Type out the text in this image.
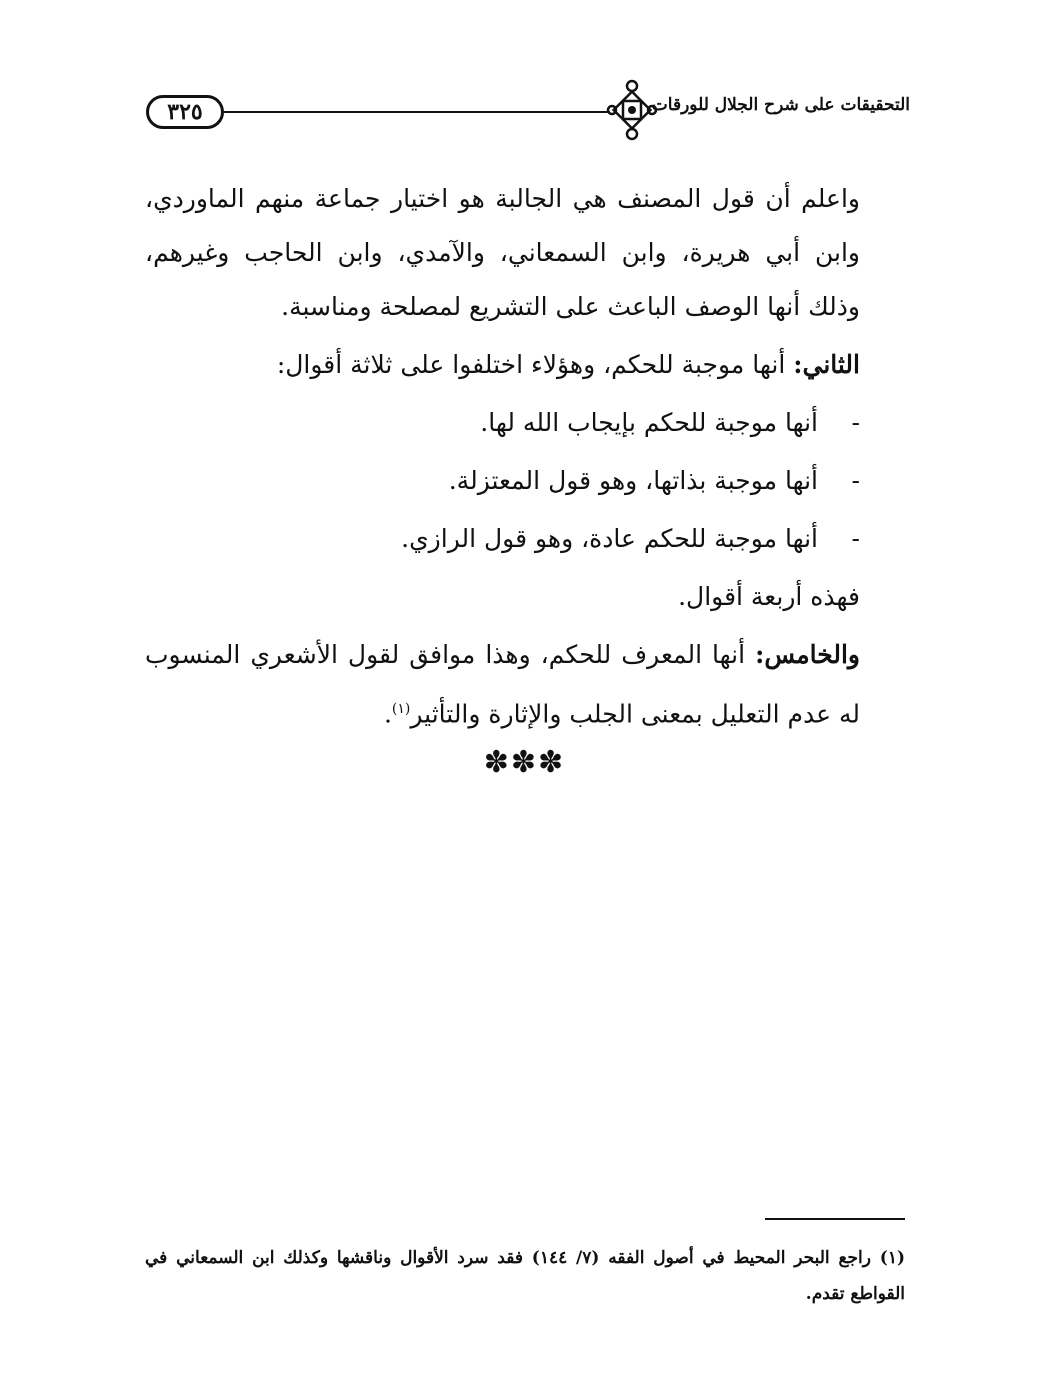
٣٢٥	التحقيقات على شرح الجلال للورقات

واعلم أن قول المصنف هي الجالبة هو اختيار جماعة منهم الماوردي، وابن أبي هريرة، وابن السمعاني، والآمدي، وابن الحاجب وغيرهم، وذلك أنها الوصف الباعث على التشريع لمصلحة ومناسبة.

الثاني: أنها موجبة للحكم، وهؤلاء اختلفوا على ثلاثة أقوال:

-أنها موجبة للحكم بإيجاب الله لها.

-أنها موجبة بذاتها، وهو قول المعتزلة.

-أنها موجبة للحكم عادة، وهو قول الرازي.

فهذه أربعة أقوال.

والخامس: أنها المعرف للحكم، وهذا موافق لقول الأشعري المنسوب له عدم التعليل بمعنى الجلب والإثارة والتأثير$^{(١)}$.

✽✽✽
(١) راجع البحر المحيط في أصول الفقه (٧/ ١٤٤) فقد سرد الأقوال وناقشها وكذلك ابن السمعاني في القواطع تقدم.
